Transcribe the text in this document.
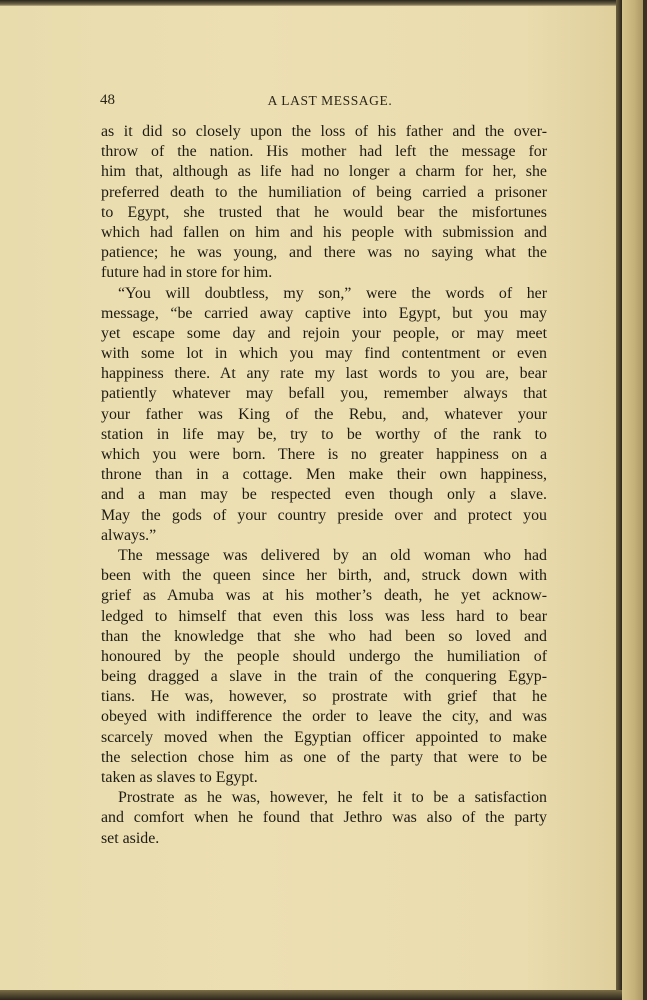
48	A LAST MESSAGE.
as it did so closely upon the loss of his father and the over-
throw of the nation. His mother had left the message for
him that, although as life had no longer a charm for her, she
preferred death to the humiliation of being carried a prisoner
to Egypt, she trusted that he would bear the misfortunes
which had fallen on him and his people with submission and
patience; he was young, and there was no saying what the
future had in store for him.
“You will doubtless, my son,” were the words of her
message, “be carried away captive into Egypt, but you may
yet escape some day and rejoin your people, or may meet
with some lot in which you may find contentment or even
happiness there. At any rate my last words to you are, bear
patiently whatever may befall you, remember always that
your father was King of the Rebu, and, whatever your
station in life may be, try to be worthy of the rank to
which you were born. There is no greater happiness on a
throne than in a cottage. Men make their own happiness,
and a man may be respected even though only a slave.
May the gods of your country preside over and protect you
always.”
The message was delivered by an old woman who had
been with the queen since her birth, and, struck down with
grief as Amuba was at his mother’s death, he yet acknow-
ledged to himself that even this loss was less hard to bear
than the knowledge that she who had been so loved and
honoured by the people should undergo the humiliation of
being dragged a slave in the train of the conquering Egyp-
tians. He was, however, so prostrate with grief that he
obeyed with indifference the order to leave the city, and was
scarcely moved when the Egyptian officer appointed to make
the selection chose him as one of the party that were to be
taken as slaves to Egypt.
Prostrate as he was, however, he felt it to be a satisfaction
and comfort when he found that Jethro was also of the party
set aside.
